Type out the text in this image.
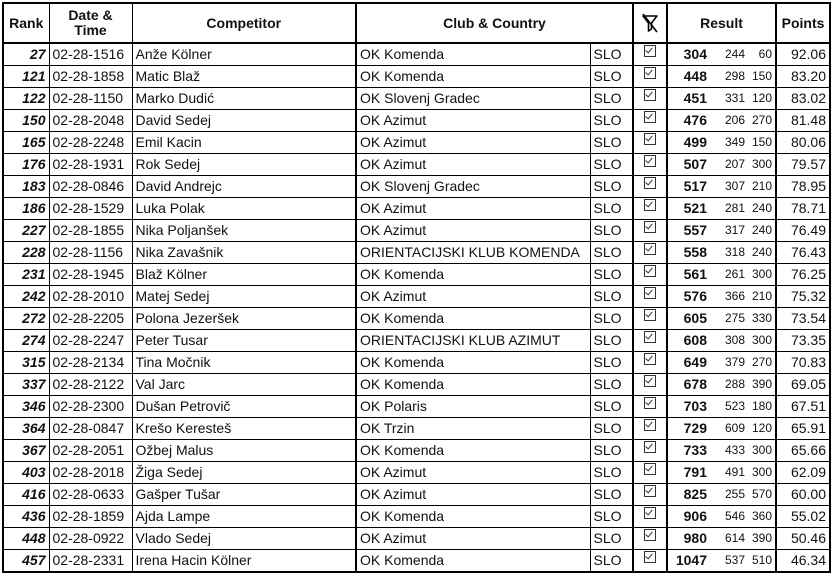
Rank	Date &
Time	Competitor	Club & Country			Result			Points
27	02-28-1516	Anže Kölner	OK Komenda	SLO		304	244	60	92.06
121	02-28-1858	Matic Blaž	OK Komenda	SLO		448	298	150	83.20
122	02-28-1150	Marko Dudić	OK Slovenj Gradec	SLO		451	331	120	83.02
150	02-28-2048	David Sedej	OK Azimut	SLO		476	206	270	81.48
165	02-28-2248	Emil Kacin	OK Azimut	SLO		499	349	150	80.06
176	02-28-1931	Rok Sedej	OK Azimut	SLO		507	207	300	79.57
183	02-28-0846	David Andrejc	OK Slovenj Gradec	SLO		517	307	210	78.95
186	02-28-1529	Luka Polak	OK Azimut	SLO		521	281	240	78.71
227	02-28-1855	Nika Poljanšek	OK Azimut	SLO		557	317	240	76.49
228	02-28-1156	Nika Zavašnik	ORIENTACIJSKI KLUB KOMENDA	SLO		558	318	240	76.43
231	02-28-1945	Blaž Kölner	OK Komenda	SLO		561	261	300	76.25
242	02-28-2010	Matej Sedej	OK Azimut	SLO		576	366	210	75.32
272	02-28-2205	Polona Jezeršek	OK Komenda	SLO		605	275	330	73.54
274	02-28-2247	Peter Tusar	ORIENTACIJSKI KLUB AZIMUT	SLO		608	308	300	73.35
315	02-28-2134	Tina Močnik	OK Komenda	SLO		649	379	270	70.83
337	02-28-2122	Val Jarc	OK Komenda	SLO		678	288	390	69.05
346	02-28-2300	Dušan Petrovič	OK Polaris	SLO		703	523	180	67.51
364	02-28-0847	Krešo Keresteš	OK Trzin	SLO		729	609	120	65.91
367	02-28-2051	Ožbej Malus	OK Komenda	SLO		733	433	300	65.66
403	02-28-2018	Žiga Sedej	OK Azimut	SLO		791	491	300	62.09
416	02-28-0633	Gašper Tušar	OK Azimut	SLO		825	255	570	60.00
436	02-28-1859	Ajda Lampe	OK Komenda	SLO		906	546	360	55.02
448	02-28-0922	Vlado Sedej	OK Azimut	SLO		980	614	390	50.46
457	02-28-2331	Irena Hacin Kölner	OK Komenda	SLO		1047	537	510	46.34
